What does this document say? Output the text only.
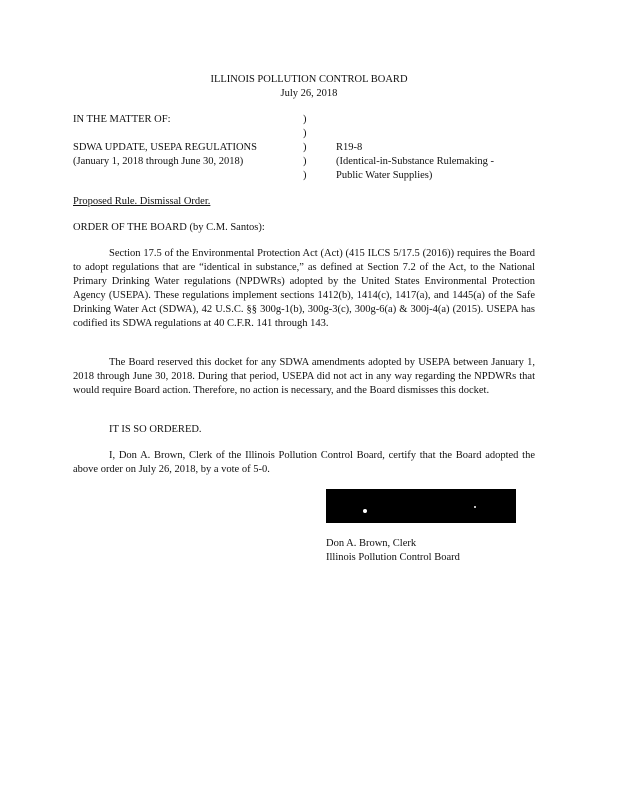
ILLINOIS POLLUTION CONTROL BOARD
July 26, 2018
IN THE MATTER OF:
SDWA UPDATE, USEPA REGULATIONS
(January 1, 2018 through June 30, 2018)
)
)
)
)
)
R19-8
(Identical-in-Substance Rulemaking -
Public Water Supplies)
Proposed Rule. Dismissal Order.
ORDER OF THE BOARD (by C.M. Santos):
Section 17.5 of the Environmental Protection Act (Act) (415 ILCS 5/17.5 (2016)) requires the Board to adopt regulations that are “identical in substance,” as defined at Section 7.2 of the Act, to the National Primary Drinking Water regulations (NPDWRs) adopted by the United States Environmental Protection Agency (USEPA). These regulations implement sections 1412(b), 1414(c), 1417(a), and 1445(a) of the Safe Drinking Water Act (SDWA), 42 U.S.C. §§ 300g-1(b), 300g-3(c), 300g-6(a) & 300j-4(a) (2015). USEPA has codified its SDWA regulations at 40 C.F.R. 141 through 143.
The Board reserved this docket for any SDWA amendments adopted by USEPA between January 1, 2018 through June 30, 2018. During that period, USEPA did not act in any way regarding the NPDWRs that would require Board action. Therefore, no action is necessary, and the Board dismisses this docket.
IT IS SO ORDERED.
I, Don A. Brown, Clerk of the Illinois Pollution Control Board, certify that the Board adopted the above order on July 26, 2018, by a vote of 5-0.
Don A. Brown, Clerk
Illinois Pollution Control Board
